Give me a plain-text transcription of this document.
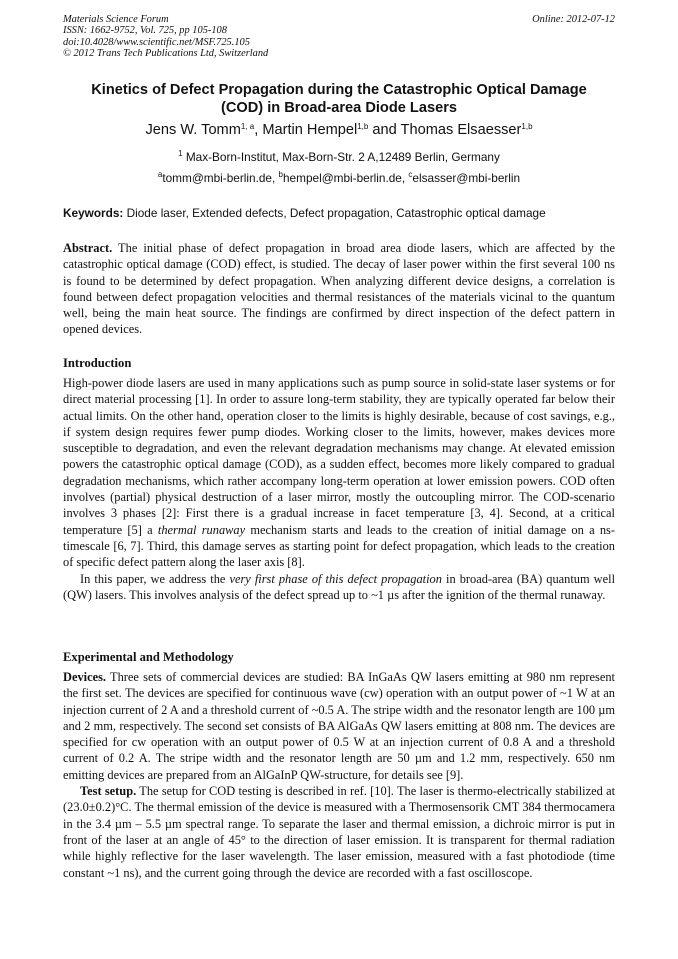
Materials Science Forum	Online: 2012-07-12
ISSN: 1662-9752, Vol. 725, pp 105-108
doi:10.4028/www.scientific.net/MSF.725.105
© 2012 Trans Tech Publications Ltd, Switzerland
Kinetics of Defect Propagation during the Catastrophic Optical Damage
(COD) in Broad-area Diode Lasers
Jens W. Tomm$^{1, a}$, Martin Hempel$^{1,b}$ and Thomas Elsaesser$^{1,b}$
$^1$ Max-Born-Institut, Max-Born-Str. 2 A,12489 Berlin, Germany
$^a$tomm@mbi-berlin.de, $^b$hempel@mbi-berlin.de, $^c$elsasser@mbi-berlin
Keywords: Diode laser, Extended defects, Defect propagation, Catastrophic optical damage

Abstract. The initial phase of defect propagation in broad area diode lasers, which are affected by the catastrophic optical damage (COD) effect, is studied. The decay of laser power within the first several 100 ns is found to be determined by defect propagation. When analyzing different device designs, a correlation is found between defect propagation velocities and thermal resistances of the materials vicinal to the quantum well, being the main heat source. The findings are confirmed by direct inspection of the defect pattern in opened devices.

Introduction

High-power diode lasers are used in many applications such as pump source in solid-state laser systems or for direct material processing [1]. In order to assure long-term stability, they are typically operated far below their actual limits. On the other hand, operation closer to the limits is highly desirable, because of cost savings, e.g., if system design requires fewer pump diodes. Working closer to the limits, however, makes devices more susceptible to degradation, and even the relevant degradation mechanisms may change. At elevated emission powers the catastrophic optical damage (COD), as a sudden effect, becomes more likely compared to gradual degradation mechanisms, which rather accompany long-term operation at lower emission powers. COD often involves (partial) physical destruction of a laser mirror, mostly the outcoupling mirror. The COD-scenario involves 3 phases [2]: First there is a gradual increase in facet temperature [3, 4]. Second, at a critical temperature [5] a thermal runaway mechanism starts and leads to the creation of initial damage on a ns-timescale [6, 7]. Third, this damage serves as starting point for defect propagation, which leads to the creation of specific defect pattern along the laser axis [8].

In this paper, we address the very first phase of this defect propagation in broad-area (BA) quantum well (QW) lasers. This involves analysis of the defect spread up to ~1 µs after the ignition of the thermal runaway.

Experimental and Methodology

Devices. Three sets of commercial devices are studied: BA InGaAs QW lasers emitting at 980 nm represent the first set. The devices are specified for continuous wave (cw) operation with an output power of ~1 W at an injection current of 2 A and a threshold current of ~0.5 A. The stripe width and the resonator length are 100 µm and 2 mm, respectively. The second set consists of BA AlGaAs QW lasers emitting at 808 nm. The devices are specified for cw operation with an output power of 0.5 W at an injection current of 0.8 A and a threshold current of 0.2 A. The stripe width and the resonator length are 50 µm and 1.2 mm, respectively. 650 nm emitting devices are prepared from an AlGaInP QW-structure, for details see [9].

Test setup. The setup for COD testing is described in ref. [10]. The laser is thermo-electrically stabilized at (23.0±0.2)°C. The thermal emission of the device is measured with a Thermosensorik CMT 384 thermocamera in the 3.4 µm – 5.5 µm spectral range. To separate the laser and thermal emission, a dichroic mirror is put in front of the laser at an angle of 45° to the direction of laser emission. It is transparent for thermal radiation while highly reflective for the laser wavelength. The laser emission, measured with a fast photodiode (time constant ~1 ns), and the current going through the device are recorded with a fast oscilloscope.
